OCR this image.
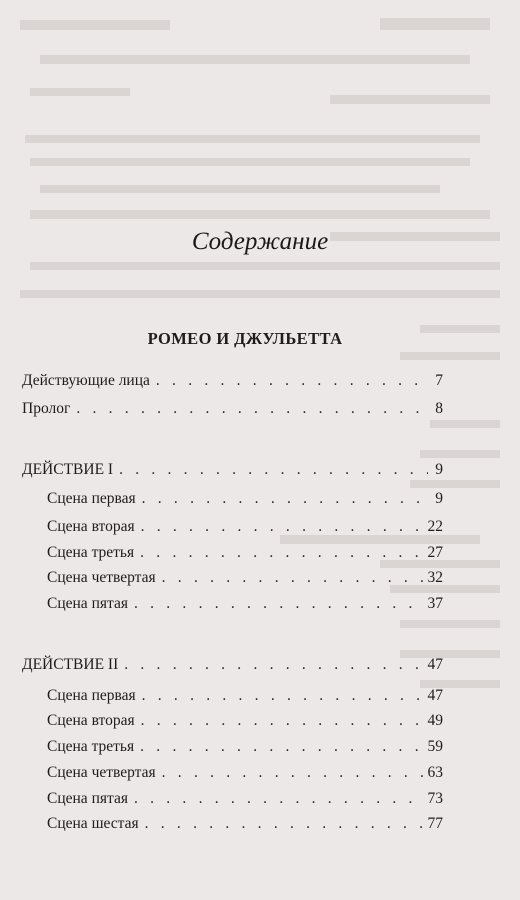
Содержание
РОМЕО И ДЖУЛЬЕТТА
Действующие лица . . .	7
Пролог . . .	8
ДЕЙСТВИЕ I . . .	9
Сцена первая . . .	9
Сцена вторая . . .	22
Сцена третья . . .	27
Сцена четвертая . . .	32
Сцена пятая . . .	37
ДЕЙСТВИЕ II . . .	47
Сцена первая . . .	47
Сцена вторая . . .	49
Сцена третья . . .	59
Сцена четвертая . . .	63
Сцена пятая . . .	73
Сцена шестая . . .	77
